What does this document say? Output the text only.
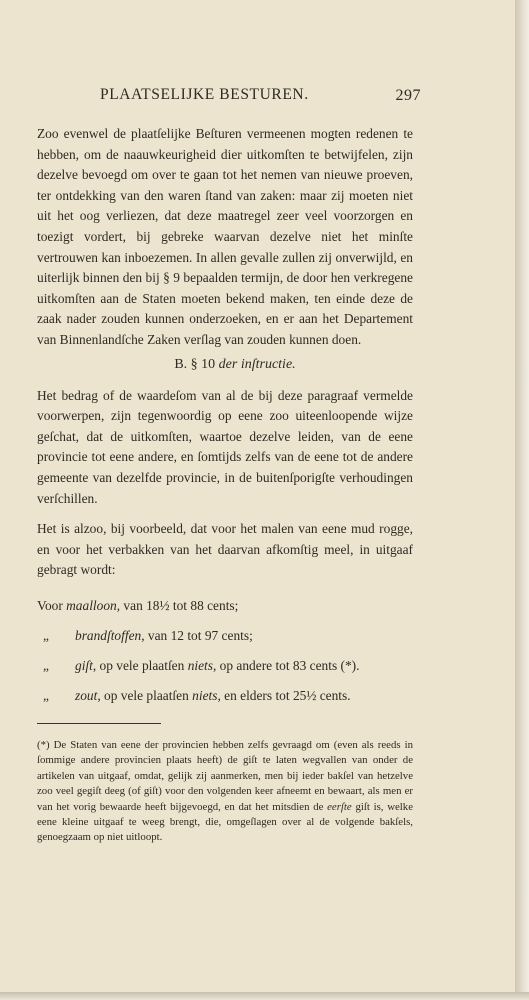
PLAATSELIJKE BESTUREN.	297

Zoo evenwel de plaatſelijke Beſturen vermeenen mogten redenen te hebben, om de naauwkeurigheid dier uitkomſten te betwijfelen, zijn dezelve bevoegd om over te gaan tot het nemen van nieuwe proeven, ter ontdekking van den waren ſtand van zaken: maar zij moeten niet uit het oog verliezen, dat deze maatregel zeer veel voorzorgen en toezigt vordert, bij gebreke waarvan dezelve niet het minſte vertrouwen kan inboezemen. In allen gevalle zullen zij onverwijld, en uiterlijk binnen den bij § 9 bepaalden termijn, de door hen verkregene uitkomſten aan de Staten moeten bekend maken, ten einde deze de zaak nader zouden kunnen onderzoeken, en er aan het Departement van Binnenlandſche Zaken verſlag van zouden kunnen doen.

B. § 10 der inſtructie.

Het bedrag of de waardeſom van al de bij deze paragraaf vermelde voorwerpen, zijn tegenwoordig op eene zoo uiteenloopende wijze geſchat, dat de uitkomſten, waartoe dezelve leiden, van de eene provincie tot eene andere, en ſomtijds zelfs van de eene tot de andere gemeente van dezelfde provincie, in de buitenſporigſte verhoudingen verſchillen.

Het is alzoo, bij voorbeeld, dat voor het malen van eene mud rogge, en voor het verbakken van het daarvan afkomſtig meel, in uitgaaf gebragt wordt:

Voor maalloon, van 18½ tot 88 cents;
„ brandſtoffen, van 12 tot 97 cents;
„ giſt, op vele plaatſen niets, op andere tot 83 cents (*).
„ zout, op vele plaatſen niets, en elders tot 25½ cents.

(*) De Staten van eene der provincien hebben zelfs gevraagd om (even als reeds in ſommige andere provincien plaats heeft) de giſt te laten wegvallen van onder de artikelen van uitgaaf, omdat, gelijk zij aanmerken, men bij ieder bakſel van hetzelve zoo veel gegiſt deeg (of giſt) voor den volgenden keer afneemt en bewaart, als men er van het vorig bewaarde heeft bijgevoegd, en dat het mitsdien de eerſte giſt is, welke eene kleine uitgaaf te weeg brengt, die, omgeſlagen over al de volgende bakſels, genoegzaam op niet uitloopt.
